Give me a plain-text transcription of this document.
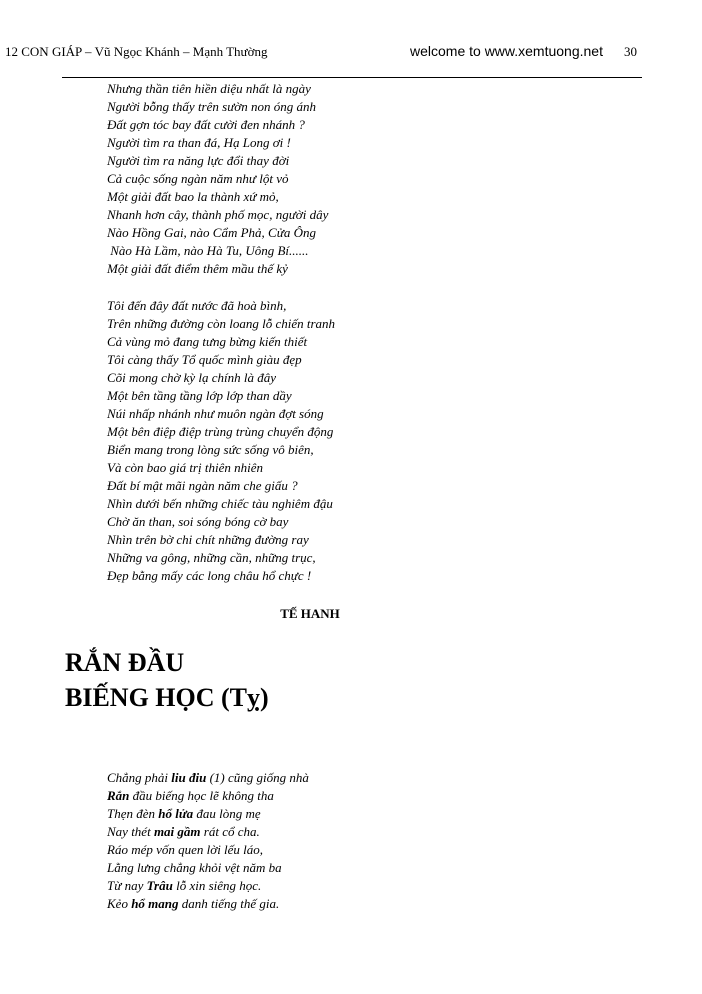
12 CON GIÁP – Vũ Ngọc Khánh – Mạnh Thường	welcome to www.xemtuong.net 30
Nhưng thần tiên hiền diệu nhất là ngày
Người bỗng thấy trên sườn non óng ánh
Đất gợn tóc bay đất cười đen nhánh ?
Người tìm ra than đá, Hạ Long ơi !
Người tìm ra năng lực đổi thay đời
Cả cuộc sống ngàn năm như lột vỏ
Một giải đất bao la thành xứ mỏ,
Nhanh hơn cây, thành phố mọc, người dây
Nào Hồng Gai, nào Cẩm Phả, Cửa Ông
Nào Hà Lầm, nào Hà Tu, Uông Bí......
Một giải đất điểm thêm mầu thế kỷ
Tôi đến đây đất nước đã hoà bình,
Trên những đường còn loang lỗ chiến tranh
Cả vùng mỏ đang tưng bừng kiến thiết
Tôi càng thấy Tổ quốc mình giàu đẹp
Cõi mong chờ kỳ lạ chính là đây
Một bên tầng tầng lớp lớp than dầy
Núi nhấp nhánh như muôn ngàn đợt sóng
Một bên điệp điệp trùng trùng chuyển động
Biển mang trong lòng sức sống vô biên,
Và còn bao giá trị thiên nhiên
Đất bí mật mãi ngàn năm che giấu ?
Nhìn dưới bến những chiếc tàu nghiêm đậu
Chờ ăn than, soi sóng bóng cờ bay
Nhìn trên bờ chi chít những đường ray
Những va gông, những cần, những trục,
Đẹp bằng mấy các long châu hổ chực !
TẾ HANH
RẮN ĐẦU
BIẾNG HỌC (Tỵ)
Chẳng phải liu điu (1) cũng giống nhà
Rắn đầu biếng học lẽ không tha
Thẹn đèn hổ lửa đau lòng mẹ
Nay thét mai gầm rát cổ cha.
Ráo mép vốn quen lời lếu láo,
Lằng lưng chẳng khỏi vệt năm ba
Từ nay Trâu lỗ xin siêng học.
Kẻo hổ mang danh tiếng thế gia.
